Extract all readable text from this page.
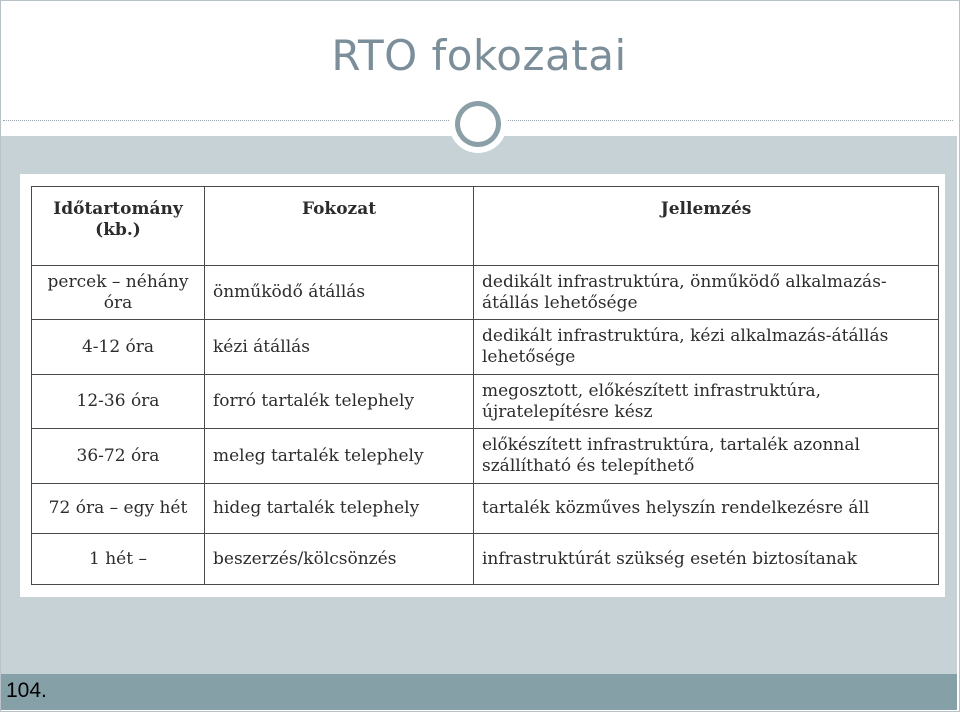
RTO fokozatai
Időtartomány (kb.)	Fokozat	Jellemzés
percek – néhány óra	önműködő átállás	dedikált infrastruktúra, önműködő alkalmazás-átállás lehetősége
4-12 óra	kézi átállás	dedikált infrastruktúra, kézi alkalmazás-átállás lehetősége
12-36 óra	forró tartalék telephely	megosztott, előkészített infrastruktúra, újratelepítésre kész
36-72 óra	meleg tartalék telephely	előkészített infrastruktúra, tartalék azonnal szállítható és telepíthető
72 óra – egy hét	hideg tartalék telephely	tartalék közműves helyszín rendelkezésre áll
1 hét –	beszerzés/kölcsönzés	infrastruktúrát szükség esetén biztosítanak
104.
